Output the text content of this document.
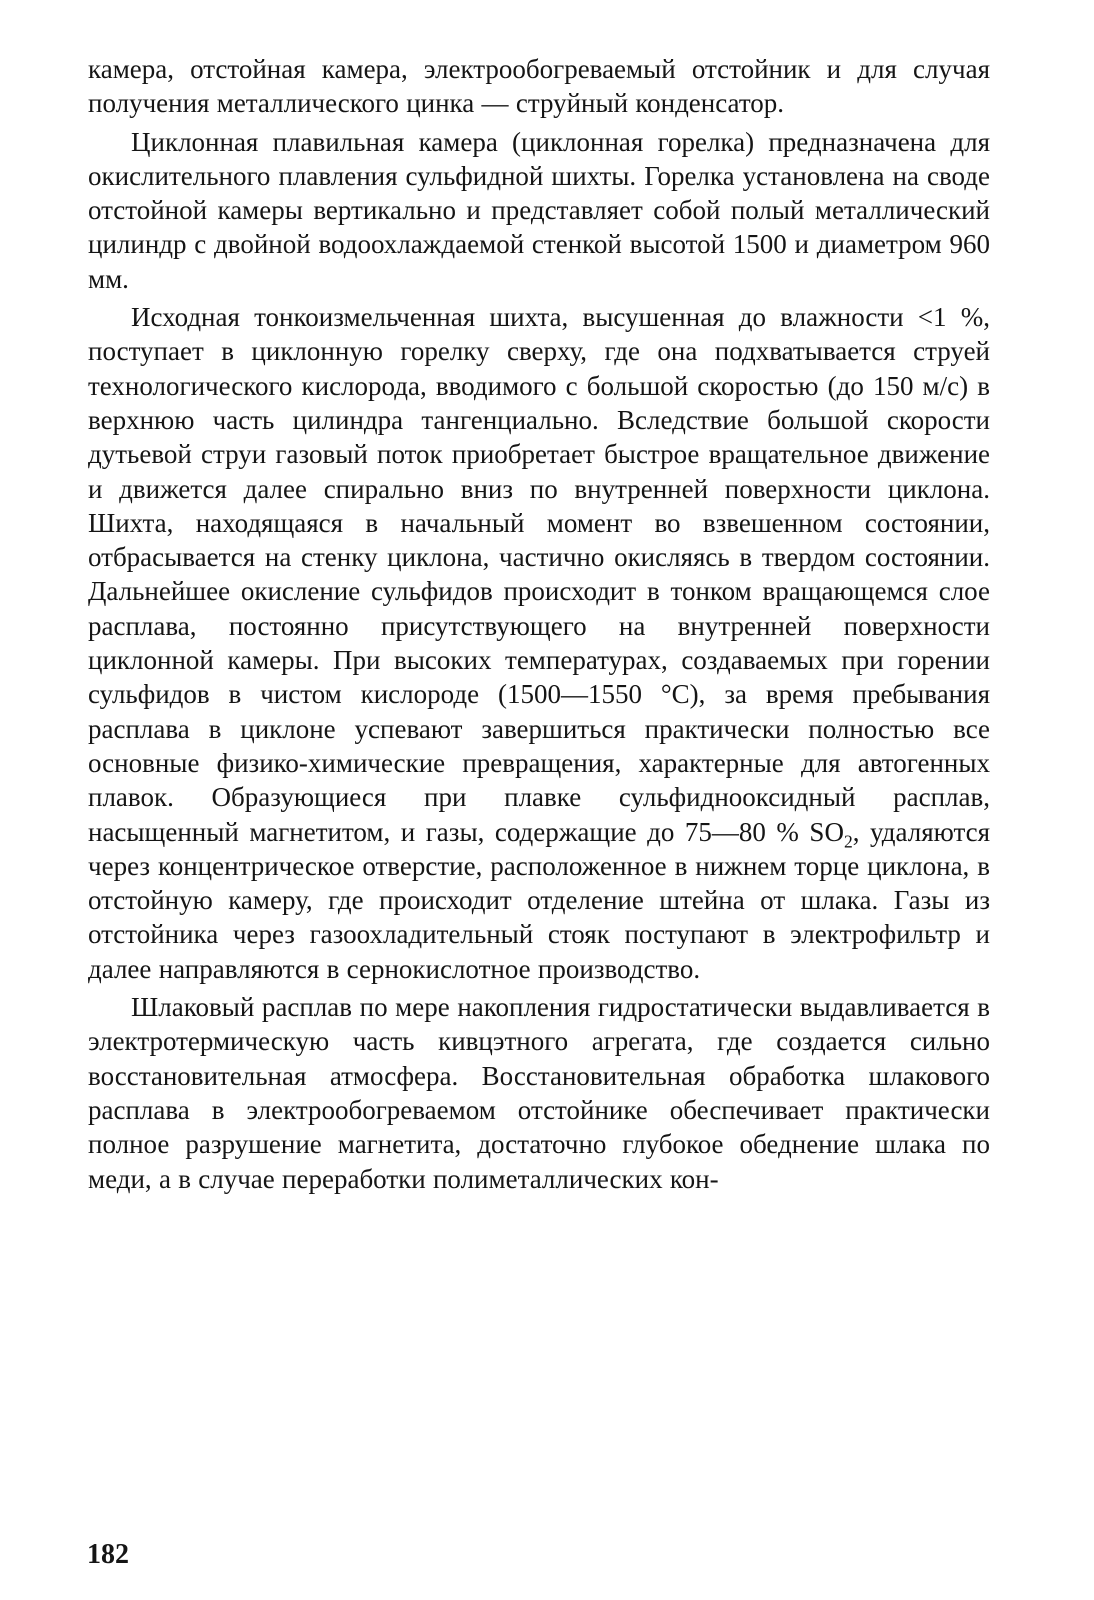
камера, отстойная камера, электрообогреваемый отстойник и для случая получения металлического цинка — струйный конденсатор.

Циклонная плавильная камера (циклонная горелка) предназначена для окислительного плавления сульфидной шихты. Горелка установлена на своде отстойной камеры вертикально и представляет собой полый металлический цилиндр с двойной водоохлаждаемой стенкой высотой 1500 и диаметром 960 мм.

Исходная тонкоизмельченная шихта, высушенная до влажности <1 %, поступает в циклонную горелку сверху, где она подхватывается струей технологического кислорода, вводимого с большой скоростью (до 150 м/с) в верхнюю часть цилиндра тангенциально. Вследствие большой скорости дутьевой струи газовый поток приобретает быстрое вращательное движение и движется далее спирально вниз по внутренней поверхности циклона. Шихта, находящаяся в начальный момент во взвешенном состоянии, отбрасывается на стенку циклона, частично окисляясь в твердом состоянии. Дальнейшее окисление сульфидов происходит в тонком вращающемся слое расплава, постоянно присутствующего на внутренней поверхности циклонной камеры. При высоких температурах, создаваемых при горении сульфидов в чистом кислороде (1500—1550 °С), за время пребывания расплава в циклоне успевают завершиться практически полностью все основные физико-химические превращения, характерные для автогенных плавок. Образующиеся при плавке сульфиднооксидный расплав, насыщенный магнетитом, и газы, содержащие до 75—80 % $SO_2$, удаляются через концентрическое отверстие, расположенное в нижнем торце циклона, в отстойную камеру, где происходит отделение штейна от шлака. Газы из отстойника через газоохладительный стояк поступают в электрофильтр и далее направляются в сернокислотное производство.

Шлаковый расплав по мере накопления гидростатически выдавливается в электротермическую часть кивцэтного агрегата, где создается сильно восстановительная атмосфера. Восстановительная обработка шлакового расплава в электрообогреваемом отстойнике обеспечивает практически полное разрушение магнетита, достаточно глубокое обеднение шлака по меди, а в случае переработки полиметаллических кон-

182
